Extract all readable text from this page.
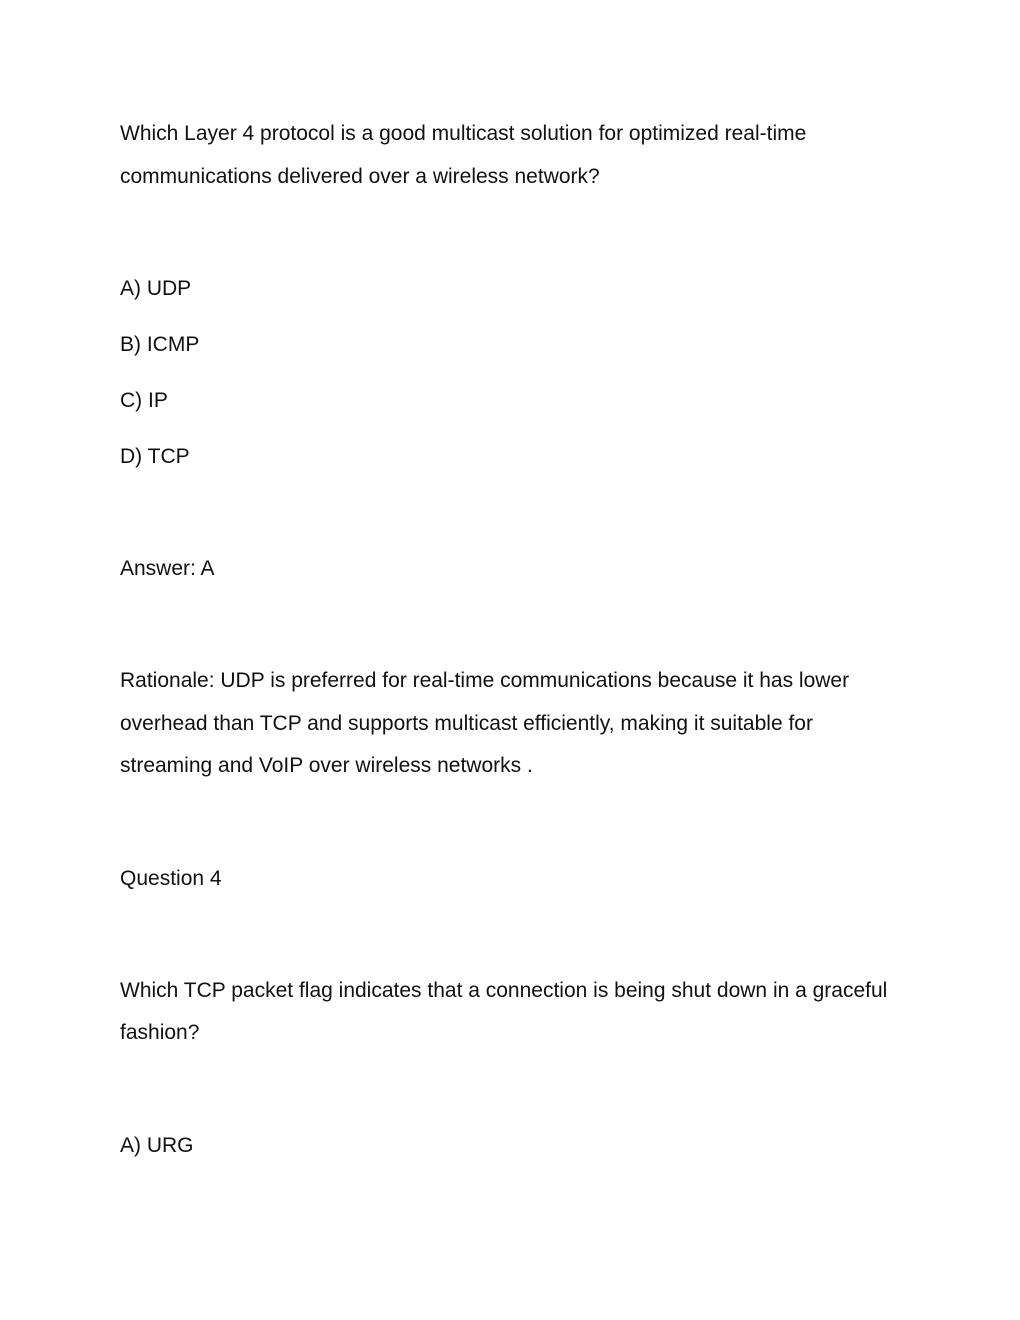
Which Layer 4 protocol is a good multicast solution for optimized real-time
communications delivered over a wireless network?
A) UDP
B) ICMP
C) IP
D) TCP
Answer: A
Rationale: UDP is preferred for real-time communications because it has lower
overhead than TCP and supports multicast efficiently, making it suitable for
streaming and VoIP over wireless networks .
Question 4
Which TCP packet flag indicates that a connection is being shut down in a graceful
fashion?
A) URG
